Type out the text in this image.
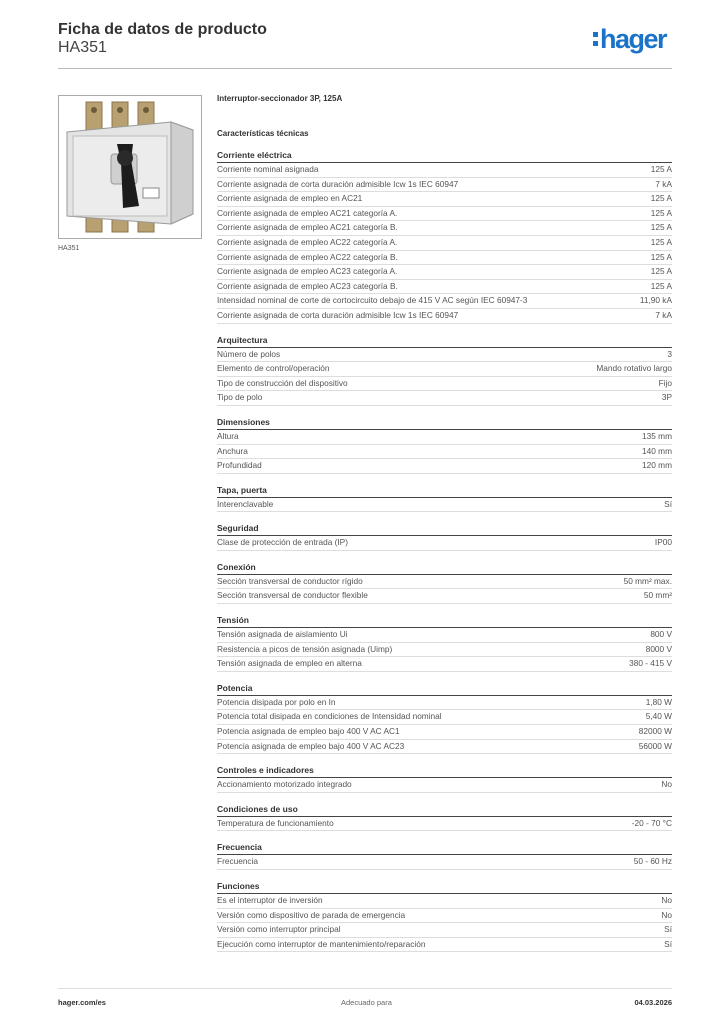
Ficha de datos de producto
HA351	hager
HA351
Interruptor-seccionador 3P, 125A
Características técnicas
Corriente eléctrica
Corriente nominal asignada	125 A
Corriente asignada de corta duración admisible Icw 1s IEC 60947	7 kA
Corriente asignada de empleo en AC21	125 A
Corriente asignada de empleo AC21 categoría A.	125 A
Corriente asignada de empleo AC21 categoría B.	125 A
Corriente asignada de empleo AC22 categoría A.	125 A
Corriente asignada de empleo AC22 categoría B.	125 A
Corriente asignada de empleo AC23 categoría A.	125 A
Corriente asignada de empleo AC23 categoría B.	125 A
Intensidad nominal de corte de cortocircuito debajo de 415 V AC según IEC 60947-3	11,90 kA
Corriente asignada de corta duración admisible Icw 1s IEC 60947	7 kA
Arquitectura
Número de polos	3
Elemento de control/operación	Mando rotativo largo
Tipo de construcción del dispositivo	Fijo
Tipo de polo	3P
Dimensiones
Altura	135 mm
Anchura	140 mm
Profundidad	120 mm
Tapa, puerta
Interenclavable	Sí
Seguridad
Clase de protección de entrada (IP)	IP00
Conexión
Sección transversal de conductor rígido	50 mm² max.
Sección transversal de conductor flexible	50 mm²
Tensión
Tensión asignada de aislamiento Ui	800 V
Resistencia a picos de tensión asignada (Uimp)	8000 V
Tensión asignada de empleo en alterna	380 - 415 V
Potencia
Potencia disipada por polo en In	1,80 W
Potencia total disipada en condiciones de Intensidad nominal	5,40 W
Potencia asignada de empleo bajo 400 V AC AC1	82000 W
Potencia asignada de empleo bajo 400 V AC AC23	56000 W
Controles e indicadores
Accionamiento motorizado integrado	No
Condiciones de uso
Temperatura de funcionamiento	-20 - 70 °C
Frecuencia
Frecuencia	50 - 60 Hz
Funciones
Es el interruptor de inversión	No
Versión como dispositivo de parada de emergencia	No
Versión como interruptor principal	Sí
Ejecución como interruptor de mantenimiento/reparación	Sí
hager.com/es	Adecuado para	04.03.2026
